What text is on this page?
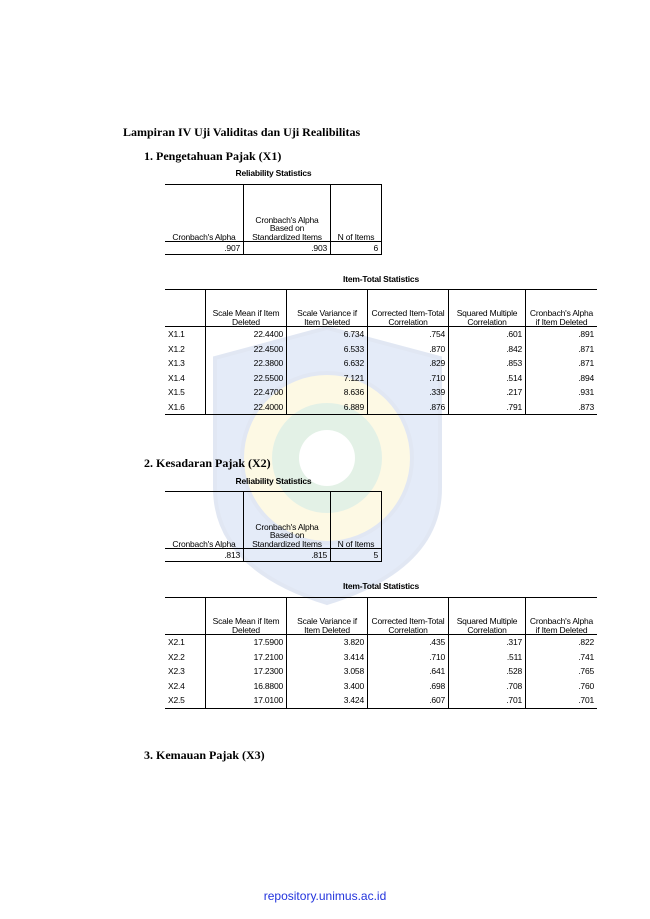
Lampiran IV Uji Validitas dan Uji Realibilitas
1. Pengetahuan Pajak (X1)
Reliability Statistics
Cronbach's Alpha	Cronbach's Alpha Based on Standardized Items	N of Items
.907	.903	6
Item-Total Statistics
	Scale Mean if Item Deleted	Scale Variance if Item Deleted	Corrected Item-Total Correlation	Squared Multiple Correlation	Cronbach's Alpha if Item Deleted
X1.1	22.4400	6.734	.754	.601	.891
X1.2	22.4500	6.533	.870	.842	.871
X1.3	22.3800	6.632	.829	.853	.871
X1.4	22.5500	7.121	.710	.514	.894
X1.5	22.4700	8.636	.339	.217	.931
X1.6	22.4000	6.889	.876	.791	.873
2. Kesadaran Pajak (X2)
Reliability Statistics
Cronbach's Alpha	Cronbach's Alpha Based on Standardized Items	N of Items
.813	.815	5
Item-Total Statistics
	Scale Mean if Item Deleted	Scale Variance if Item Deleted	Corrected Item-Total Correlation	Squared Multiple Correlation	Cronbach's Alpha if Item Deleted
X2.1	17.5900	3.820	.435	.317	.822
X2.2	17.2100	3.414	.710	.511	.741
X2.3	17.2300	3.058	.641	.528	.765
X2.4	16.8800	3.400	.698	.708	.760
X2.5	17.0100	3.424	.607	.701	.701
3. Kemauan Pajak (X3)
repository.unimus.ac.id
